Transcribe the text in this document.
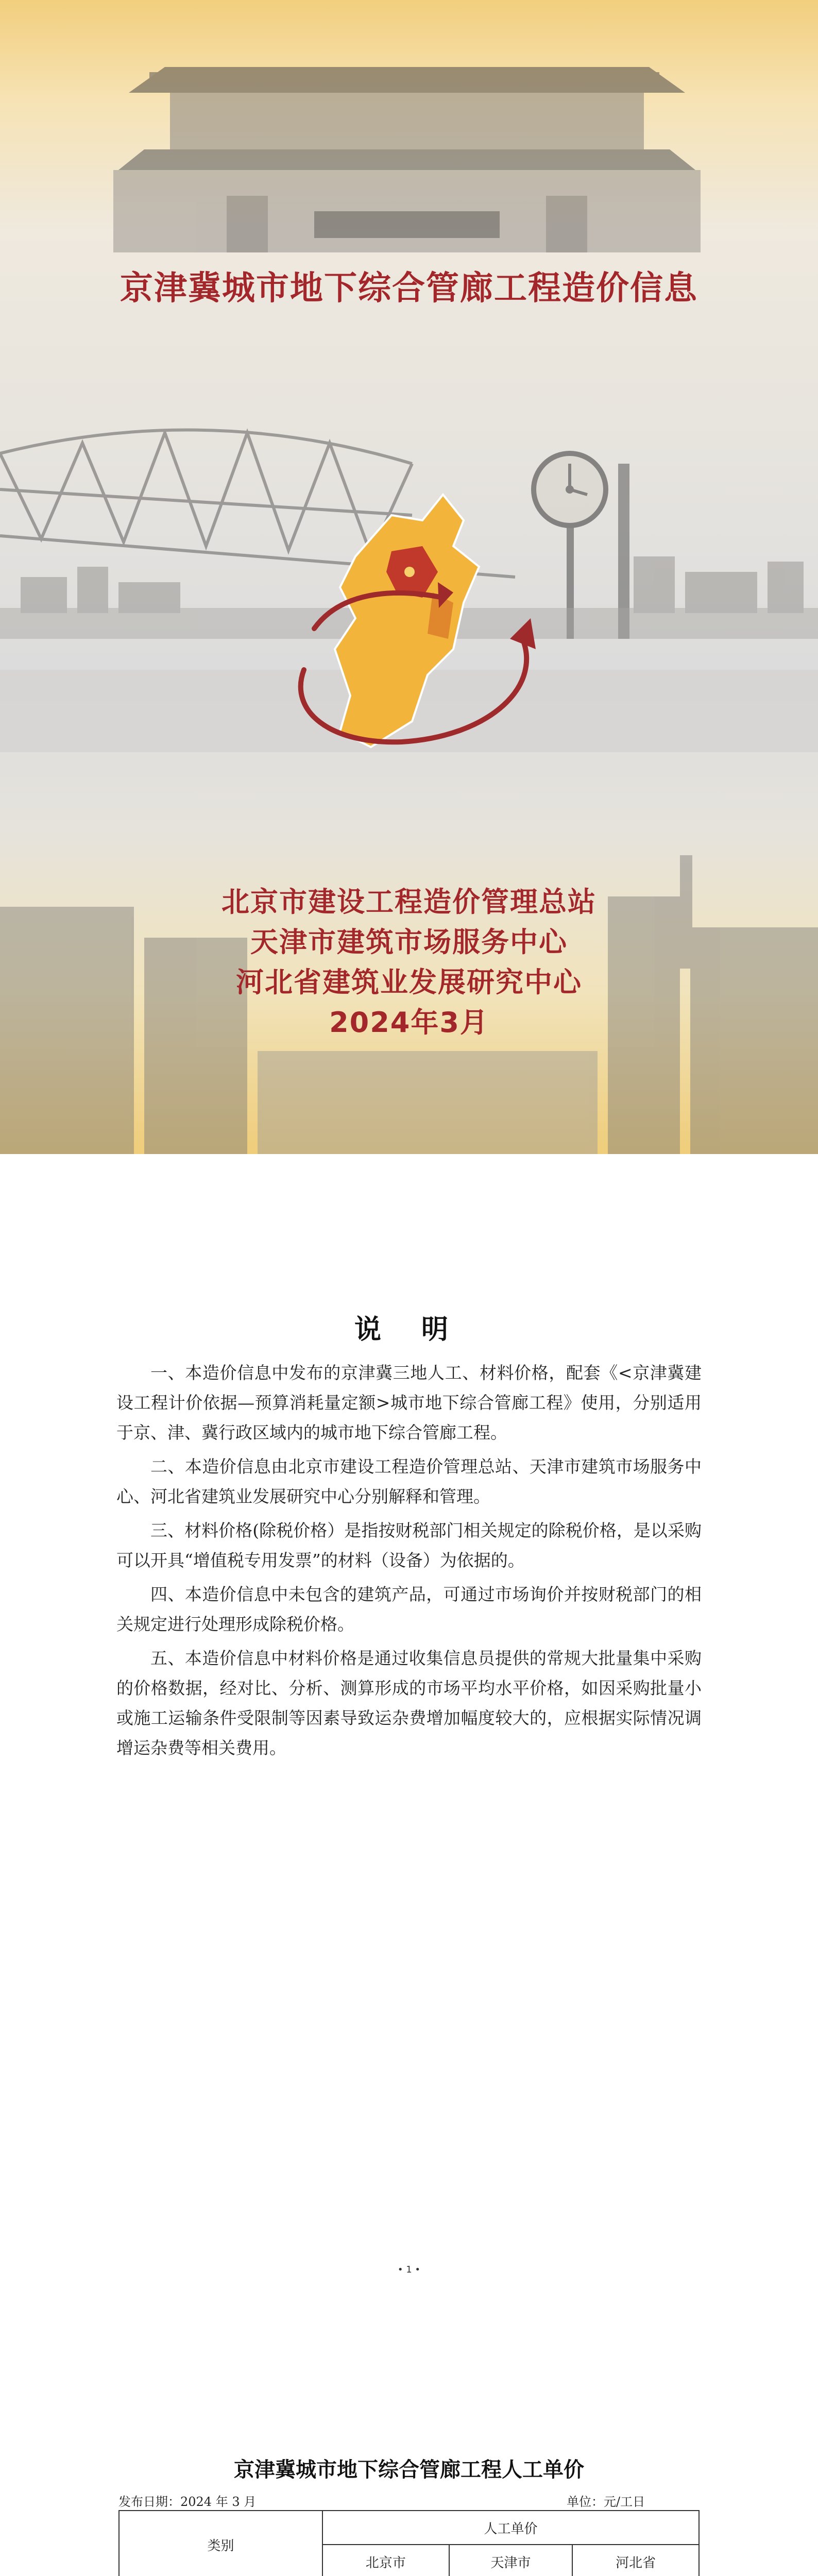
京津冀城市地下综合管廊工程造价信息
北京市建设工程造价管理总站
天津市建筑市场服务中心
河北省建筑业发展研究中心
2024年3月
说 明

一、本造价信息中发布的京津冀三地人工、材料价格，配套《<京津冀建设工程计价依据—预算消耗量定额>城市地下综合管廊工程》使用，分别适用于京、津、冀行政区域内的城市地下综合管廊工程。

二、本造价信息由北京市建设工程造价管理总站、天津市建筑市场服务中心、河北省建筑业发展研究中心分别解释和管理。

三、材料价格(除税价格）是指按财税部门相关规定的除税价格，是以采购可以开具“增值税专用发票”的材料（设备）为依据的。

四、本造价信息中未包含的建筑产品，可通过市场询价并按财税部门的相关规定进行处理形成除税价格。

五、本造价信息中材料价格是通过收集信息员提供的常规大批量集中采购的价格数据，经对比、分析、测算形成的市场平均水平价格，如因采购批量小或施工运输条件受限制等因素导致运杂费增加幅度较大的，应根据实际情况调增运杂费等相关费用。

• 1 •
京津冀城市地下综合管廊工程人工单价
发布日期：2024 年 3 月	单位：元/工日
类别	人工单价		
	北京市	天津市	河北省
